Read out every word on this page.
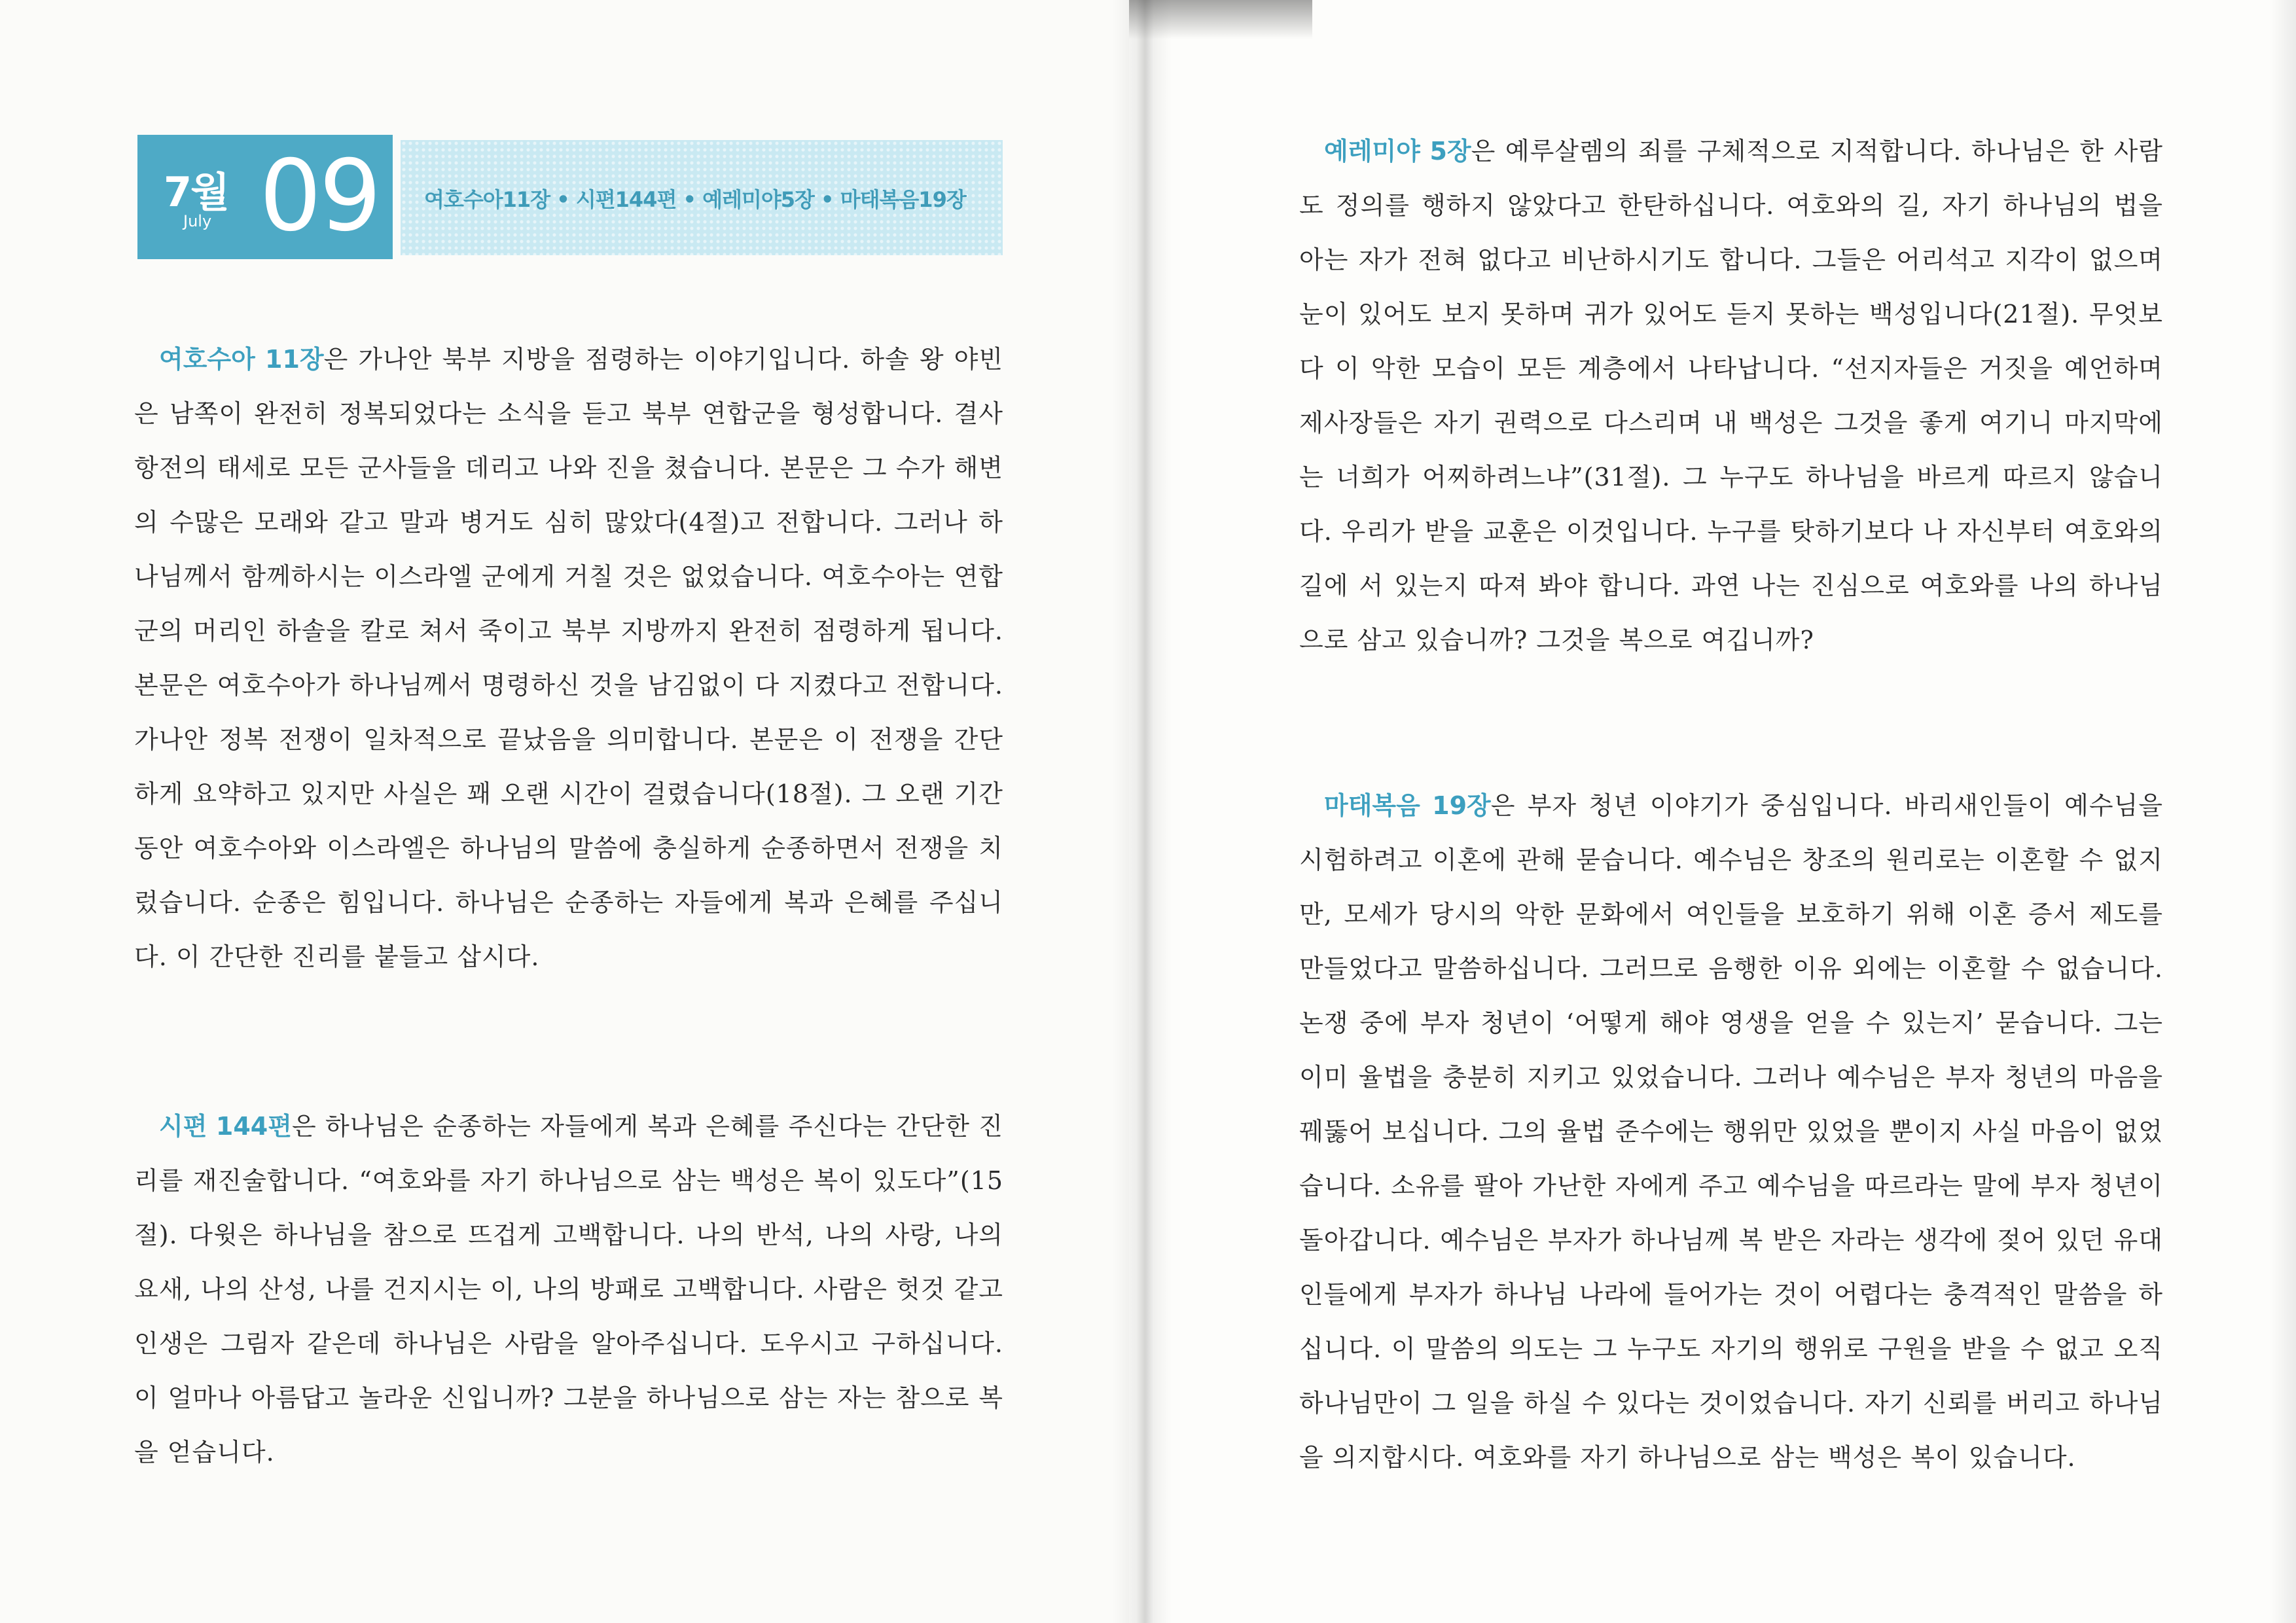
7월
July 09 여호수아11장 • 시편144편 • 예레미야5장 • 마태복음19장

여호수아 11장은 가나안 북부 지방을 점령하는 이야기입니다. 하솔 왕 야빈은 남쪽이 완전히 정복되었다는 소식을 듣고 북부 연합군을 형성합니다. 결사 항전의 태세로 모든 군사들을 데리고 나와 진을 쳤습니다. 본문은 그 수가 해변의 수많은 모래와 같고 말과 병거도 심히 많았다(4절)고 전합니다. 그러나 하나님께서 함께하시는 이스라엘 군에게 거칠 것은 없었습니다. 여호수아는 연합군의 머리인 하솔을 칼로 쳐서 죽이고 북부 지방까지 완전히 점령하게 됩니다. 본문은 여호수아가 하나님께서 명령하신 것을 남김없이 다 지켰다고 전합니다. 가나안 정복 전쟁이 일차적으로 끝났음을 의미합니다. 본문은 이 전쟁을 간단하게 요약하고 있지만 사실은 꽤 오랜 시간이 걸렸습니다(18절). 그 오랜 기간 동안 여호수아와 이스라엘은 하나님의 말씀에 충실하게 순종하면서 전쟁을 치렀습니다. 순종은 힘입니다. 하나님은 순종하는 자들에게 복과 은혜를 주십니다. 이 간단한 진리를 붙들고 삽시다.

시편 144편은 하나님은 순종하는 자들에게 복과 은혜를 주신다는 간단한 진리를 재진술합니다. “여호와를 자기 하나님으로 삼는 백성은 복이 있도다”(15절). 다윗은 하나님을 참으로 뜨겁게 고백합니다. 나의 반석, 나의 사랑, 나의 요새, 나의 산성, 나를 건지시는 이, 나의 방패로 고백합니다. 사람은 헛것 같고 인생은 그림자 같은데 하나님은 사람을 알아주십니다. 도우시고 구하십니다. 이 얼마나 아름답고 놀라운 신입니까? 그분을 하나님으로 삼는 자는 참으로 복을 얻습니다.

예레미야 5장은 예루살렘의 죄를 구체적으로 지적합니다. 하나님은 한 사람도 정의를 행하지 않았다고 한탄하십니다. 여호와의 길, 자기 하나님의 법을 아는 자가 전혀 없다고 비난하시기도 합니다. 그들은 어리석고 지각이 없으며 눈이 있어도 보지 못하며 귀가 있어도 듣지 못하는 백성입니다(21절). 무엇보다 이 악한 모습이 모든 계층에서 나타납니다. “선지자들은 거짓을 예언하며 제사장들은 자기 권력으로 다스리며 내 백성은 그것을 좋게 여기니 마지막에는 너희가 어찌하려느냐”(31절). 그 누구도 하나님을 바르게 따르지 않습니다. 우리가 받을 교훈은 이것입니다. 누구를 탓하기보다 나 자신부터 여호와의 길에 서 있는지 따져 봐야 합니다. 과연 나는 진심으로 여호와를 나의 하나님으로 삼고 있습니까? 그것을 복으로 여깁니까?

마태복음 19장은 부자 청년 이야기가 중심입니다. 바리새인들이 예수님을 시험하려고 이혼에 관해 묻습니다. 예수님은 창조의 원리로는 이혼할 수 없지만, 모세가 당시의 악한 문화에서 여인들을 보호하기 위해 이혼 증서 제도를 만들었다고 말씀하십니다. 그러므로 음행한 이유 외에는 이혼할 수 없습니다. 논쟁 중에 부자 청년이 ‘어떻게 해야 영생을 얻을 수 있는지’ 묻습니다. 그는 이미 율법을 충분히 지키고 있었습니다. 그러나 예수님은 부자 청년의 마음을 꿰뚫어 보십니다. 그의 율법 준수에는 행위만 있었을 뿐이지 사실 마음이 없었습니다. 소유를 팔아 가난한 자에게 주고 예수님을 따르라는 말에 부자 청년이 돌아갑니다. 예수님은 부자가 하나님께 복 받은 자라는 생각에 젖어 있던 유대인들에게 부자가 하나님 나라에 들어가는 것이 어렵다는 충격적인 말씀을 하십니다. 이 말씀의 의도는 그 누구도 자기의 행위로 구원을 받을 수 없고 오직 하나님만이 그 일을 하실 수 있다는 것이었습니다. 자기 신뢰를 버리고 하나님을 의지합시다. 여호와를 자기 하나님으로 삼는 백성은 복이 있습니다.
